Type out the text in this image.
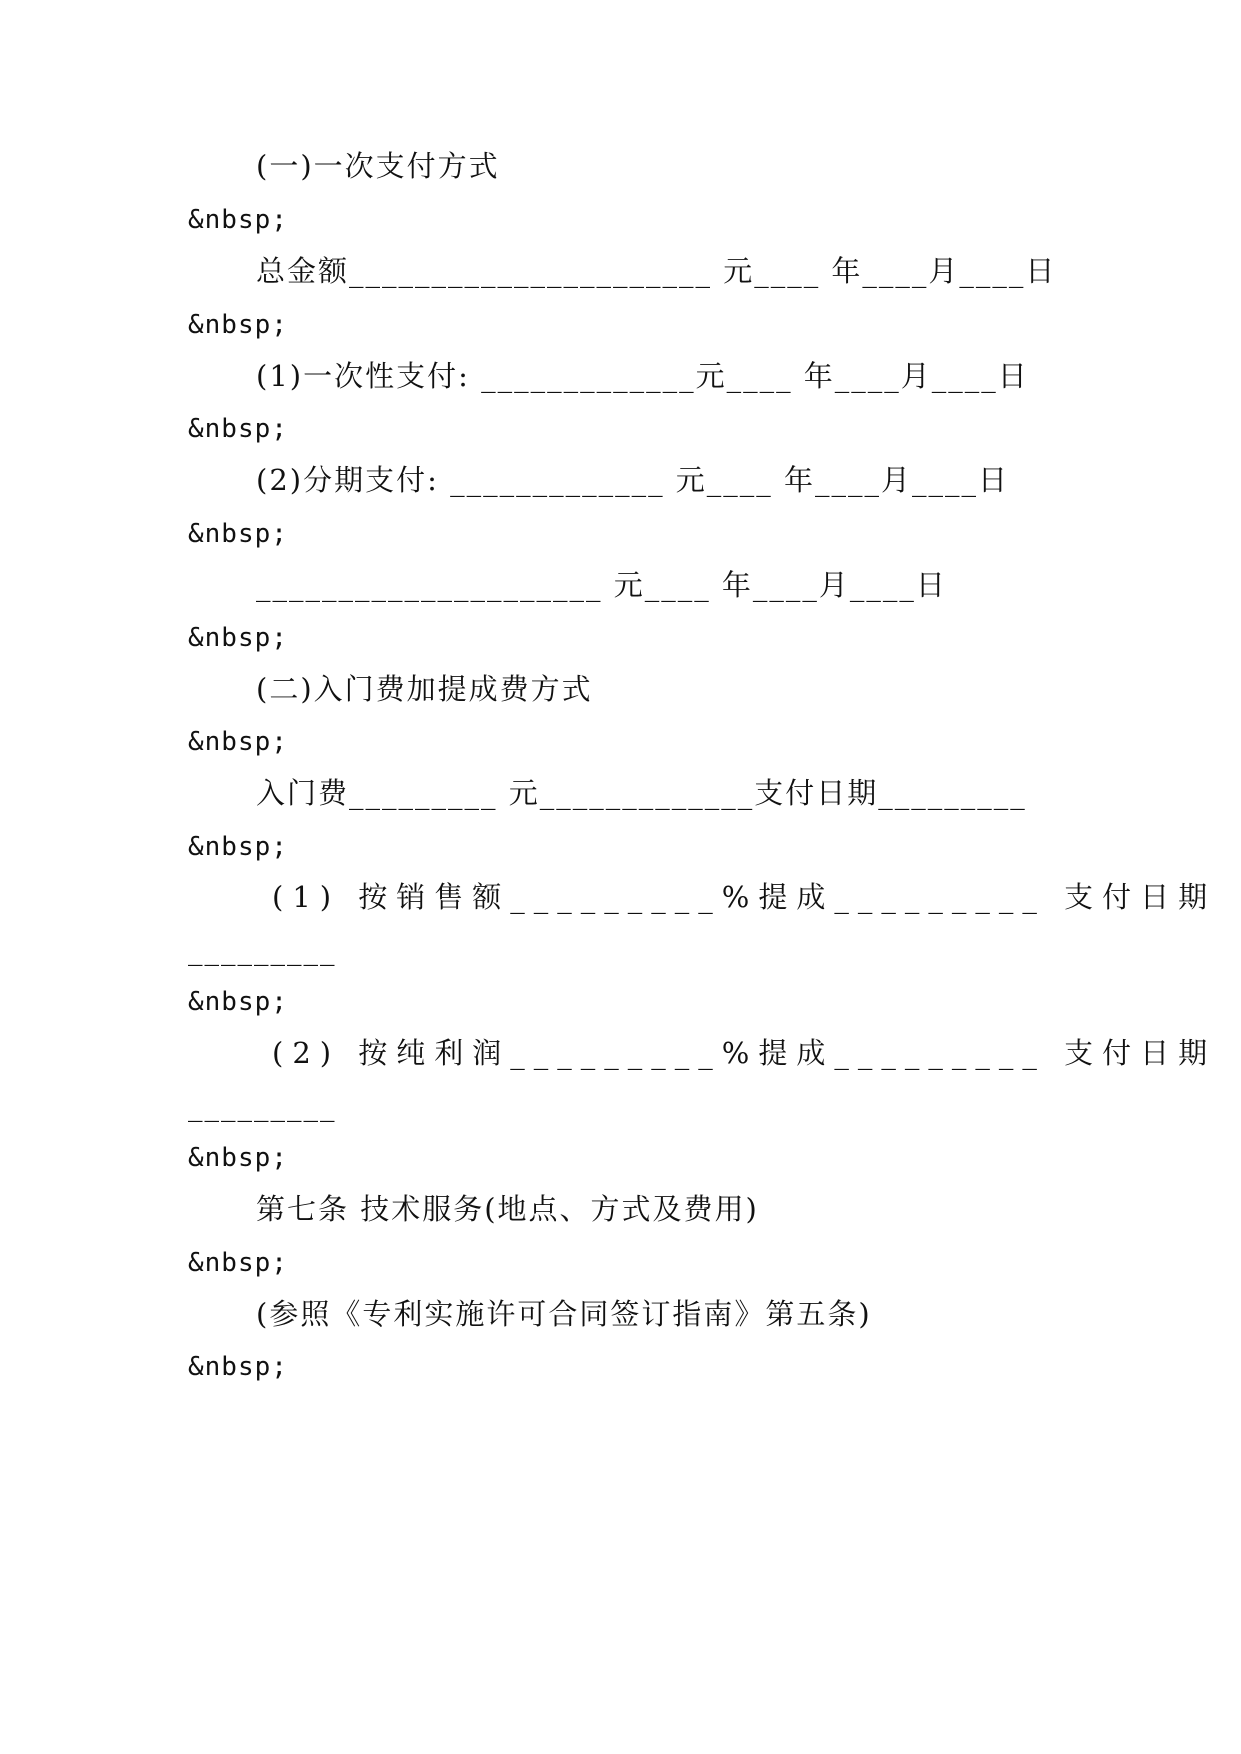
(一)一次支付方式
&nbsp;
总金额______________________ 元____ 年____月____日
&nbsp;
(1)一次性支付: _____________元____ 年____月____日
&nbsp;
(2)分期支付: _____________ 元____ 年____月____日
&nbsp;
_____________________ 元____ 年____月____日
&nbsp;
(二)入门费加提成费方式
&nbsp;
入门费_________ 元_____________支付日期_________
&nbsp;
(1) 按销售额_________%提成_________ 支付日期
_________
&nbsp;
(2) 按纯利润_________%提成_________ 支付日期
_________
&nbsp;
第七条 技术服务(地点、方式及费用)
&nbsp;
(参照《专利实施许可合同签订指南》第五条)
&nbsp;
